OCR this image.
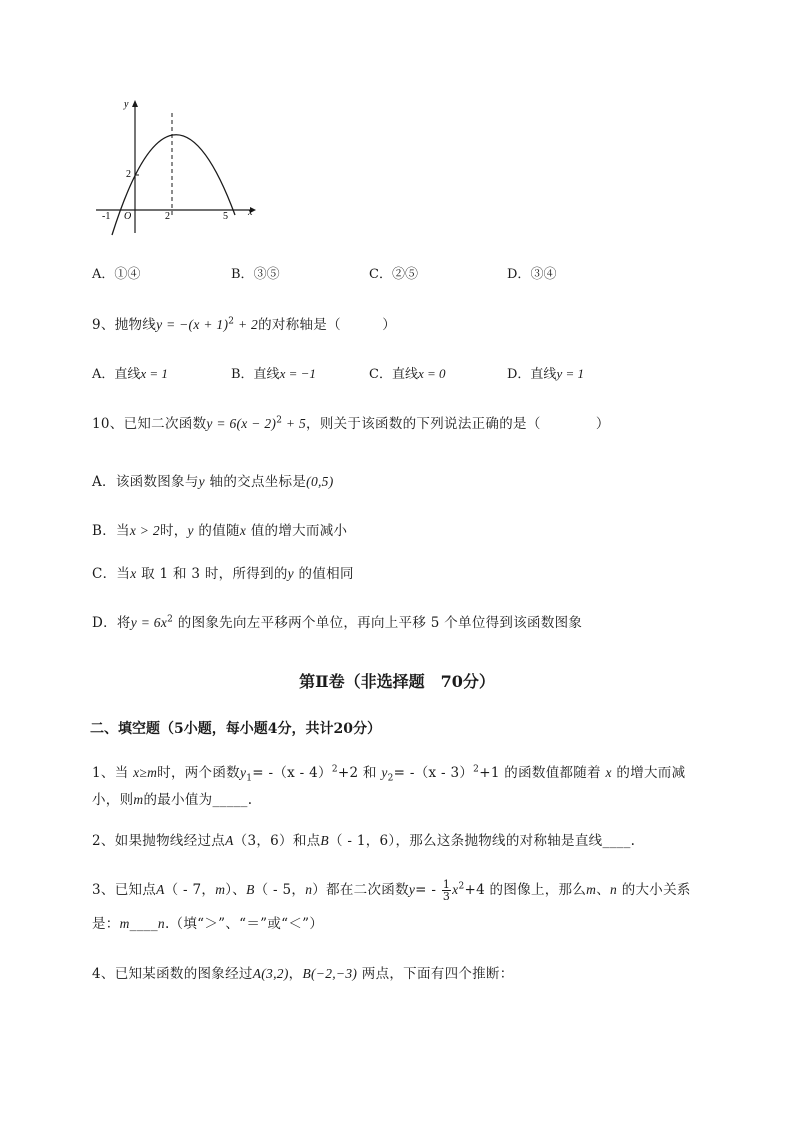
y
x
O
-1	2	5
2
A．①④	B．③⑤	C．②⑤	D．③④
9、抛物线$y = -(x + 1)^2 + 2$的对称轴是（　　　）
A．直线x = 1	B．直线x = −1	C．直线x = 0	D．直线y = 1
10、已知二次函数$y = 6(x - 2)^2 + 5$，则关于该函数的下列说法正确的是（　　　　）
A．该函数图象与y 轴的交点坐标是(0,5)
B．当x > 2时，y 的值随x 值的增大而减小
C．当x 取 1 和 3 时，所得到的y 的值相同
D．将$y = 6x^2$ 的图象先向左平移两个单位，再向上平移 5 个单位得到该函数图象
第Ⅱ卷（非选择题　70分）
二、填空题（5小题，每小题4分，共计20分）
1、当 x≥m时，两个函数$y_1= -(x - 4)^2+2$ 和 $y_2= -(x - 3)^2+1$ 的函数值都随着 x 的增大而减
小，则m的最小值为_____.
2、如果抛物线经过点A（3，6）和点B（ - 1，6），那么这条抛物线的对称轴是直线____.
3、已知点A（ - 7，m）、B（ - 5，n）都在二次函数$y= - \frac{1}{3} x^2+4$ 的图像上，那么m、n 的大小关系
是：m____n.（填“＞”、“＝”或“＜”）
4、已知某函数的图象经过A(3,2)，B(−2,−3) 两点，下面有四个推断：
